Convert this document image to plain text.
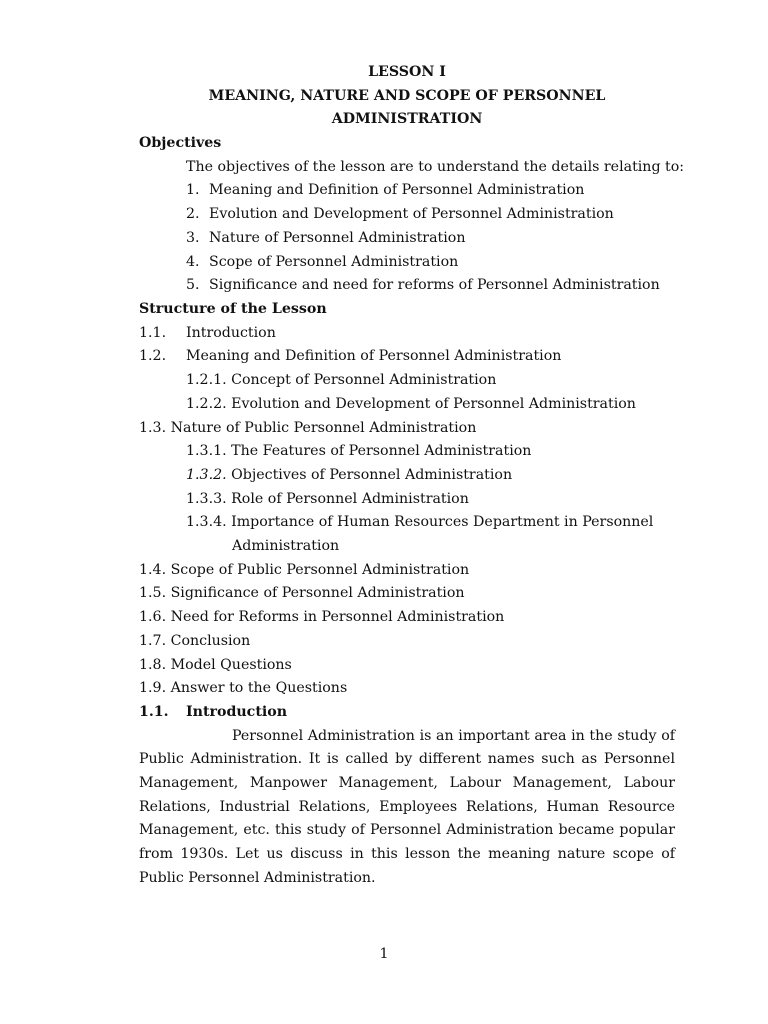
LESSON I

MEANING, NATURE AND SCOPE OF PERSONNEL ADMINISTRATION

Objectives

The objectives of the lesson are to understand the details relating to:

1. Meaning and Definition of Personnel Administration

2. Evolution and Development of Personnel Administration

3. Nature of Personnel Administration

4. Scope of Personnel Administration

5. Significance and need for reforms of Personnel Administration

Structure of the Lesson

1.1. Introduction

1.2. Meaning and Definition of Personnel Administration

1.2.1. Concept of Personnel Administration

1.2.2. Evolution and Development of Personnel Administration

1.3. Nature of Public Personnel Administration

1.3.1. The Features of Personnel Administration

1.3.2. Objectives of Personnel Administration

1.3.3. Role of Personnel Administration

1.3.4. Importance of Human Resources Department in Personnel

Administration

1.4. Scope of Public Personnel Administration

1.5. Significance of Personnel Administration

1.6. Need for Reforms in Personnel Administration

1.7. Conclusion

1.8. Model Questions

1.9. Answer to the Questions

1.1. Introduction

Personnel Administration is an important area in the study of Public Administration. It is called by different names such as Personnel Management, Manpower Management, Labour Management, Labour Relations, Industrial Relations, Employees Relations, Human Resource Management, etc. this study of Personnel Administration became popular from 1930s. Let us discuss in this lesson the meaning nature scope of Public Personnel Administration.

1
